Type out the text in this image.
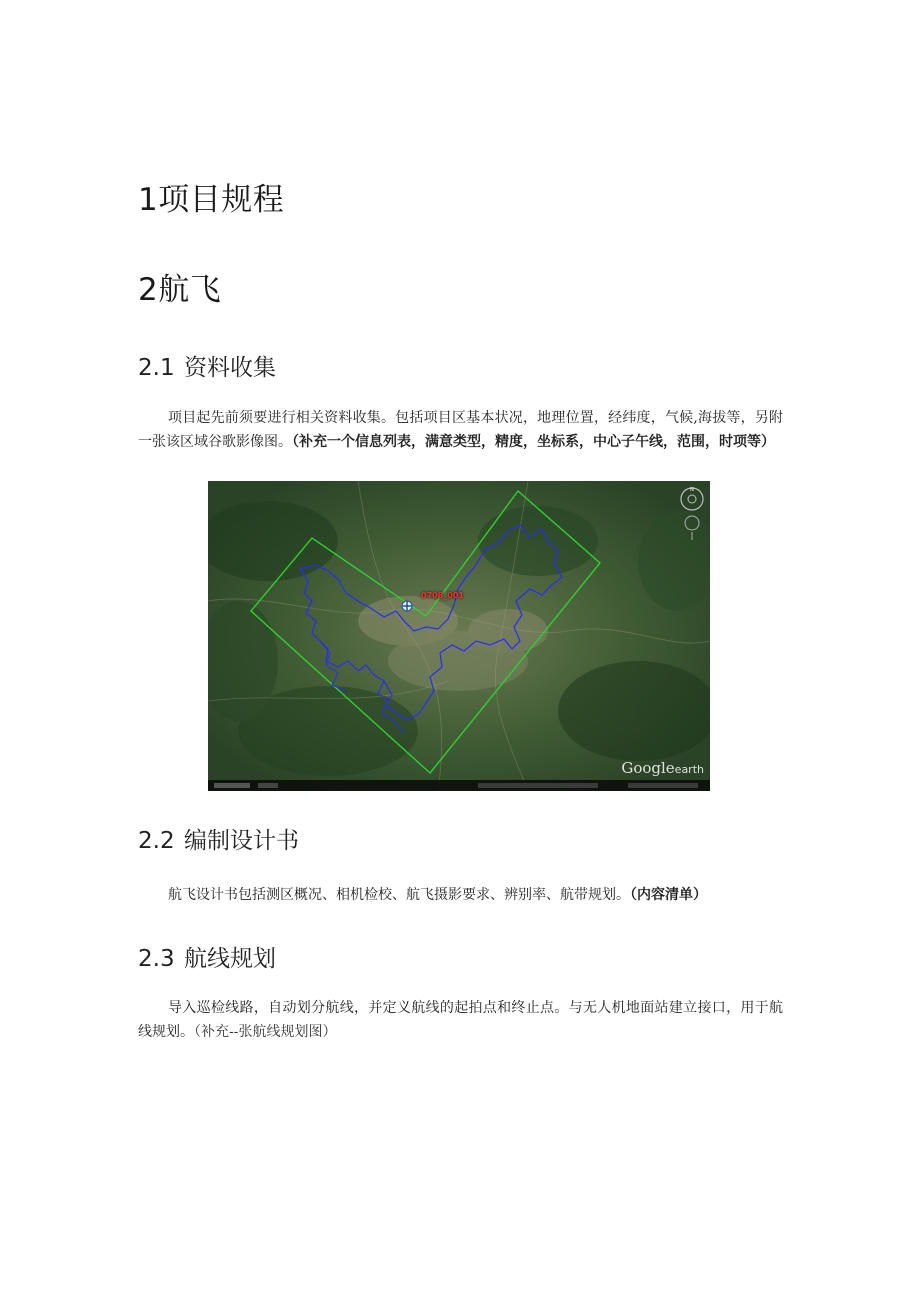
1项目规程
2航飞
2.1 资料收集

项目起先前须要进行相关资料收集。包括项目区基本状况，地理位置，经纬度，气候,海拔等，另附一张该区域谷歌影像图。（补充一个信息列表，满意类型，精度，坐标系，中心子午线，范围，时项等）

0708_001
N
Googleearth
2.2 编制设计书

航飞设计书包括测区概况、相机检校、航飞摄影要求、辨别率、航带规划。（内容清单）

2.3 航线规划

导入巡检线路，自动划分航线，并定义航线的起拍点和终止点。与无人机地面站建立接口，用于航线规划。（补充--张航线规划图）
